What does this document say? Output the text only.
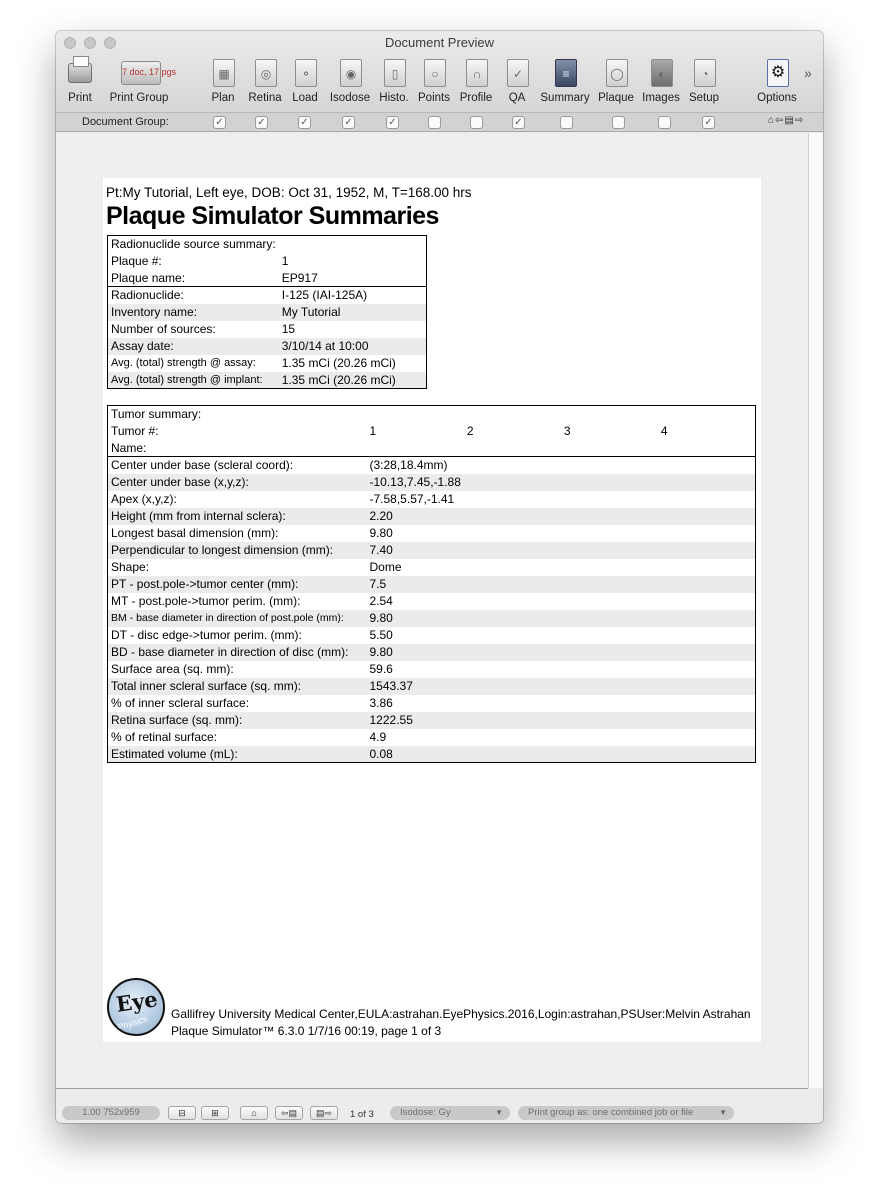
Document Preview
Print
7 doc, 17 pgs
Print Group
▦
Plan
◎
Retina
⚬
Load
◉
Isodose
▯
Histo.
○
Points
∩
Profile
✓
QA
≡
Summary
◯
Plaque
◐
Images
◔
Setup
⚙
Options
»
Document Group:	✓	✓	✓	✓	✓	✓	✓	⌂⇦▤⇨
Pt:My Tutorial, Left eye, DOB: Oct 31, 1952, M, T=168.00 hrs
Plaque Simulator Summaries
Radionuclide source summary:	
Plaque #:	1
Plaque name:	EP917
Radionuclide:	I-125 (IAI-125A)
Inventory name:	My Tutorial
Number of sources:	15
Assay date:	3/10/14 at 10:00
Avg. (total) strength @ assay:	1.35 mCi (20.26 mCi)
Avg. (total) strength @ implant:	1.35 mCi (20.26 mCi)
Tumor summary:				
Tumor #:	1	2	3	4
Name:				
Center under base (scleral coord):	(3:28,18.4mm)			
Center under base (x,y,z):	-10.13,7.45,-1.88			
Apex (x,y,z):	-7.58,5.57,-1.41			
Height (mm from internal sclera):	2.20			
Longest basal dimension (mm):	9.80			
Perpendicular to longest dimension (mm):	7.40			
Shape:	Dome			
PT - post.pole->tumor center (mm):	7.5			
MT - post.pole->tumor perim. (mm):	2.54			
BM - base diameter in direction of post.pole (mm):	9.80			
DT - disc edge->tumor perim. (mm):	5.50			
BD - base diameter in direction of disc (mm):	9.80			
Surface area (sq. mm):	59.6			
Total inner scleral surface (sq. mm):	1543.37			
% of inner scleral surface:	3.86			
Retina surface (sq. mm):	1222.55			
% of retinal surface:	4.9			
Estimated volume (mL):	0.08			
Eye
Physics Gallifrey University Medical Center,EULA:astrahan.EyePhysics.2016,Login:astrahan,PSUser:Melvin Astrahan
Plaque Simulator™ 6.3.0 1/7/16 00:19, page 1 of 3
1.00 752x959	⊟	⊞	⌂	⇦▤	▤⇨	1 of 3	Isodose: Gy	▼	Print group as: one combined job or file	▼
